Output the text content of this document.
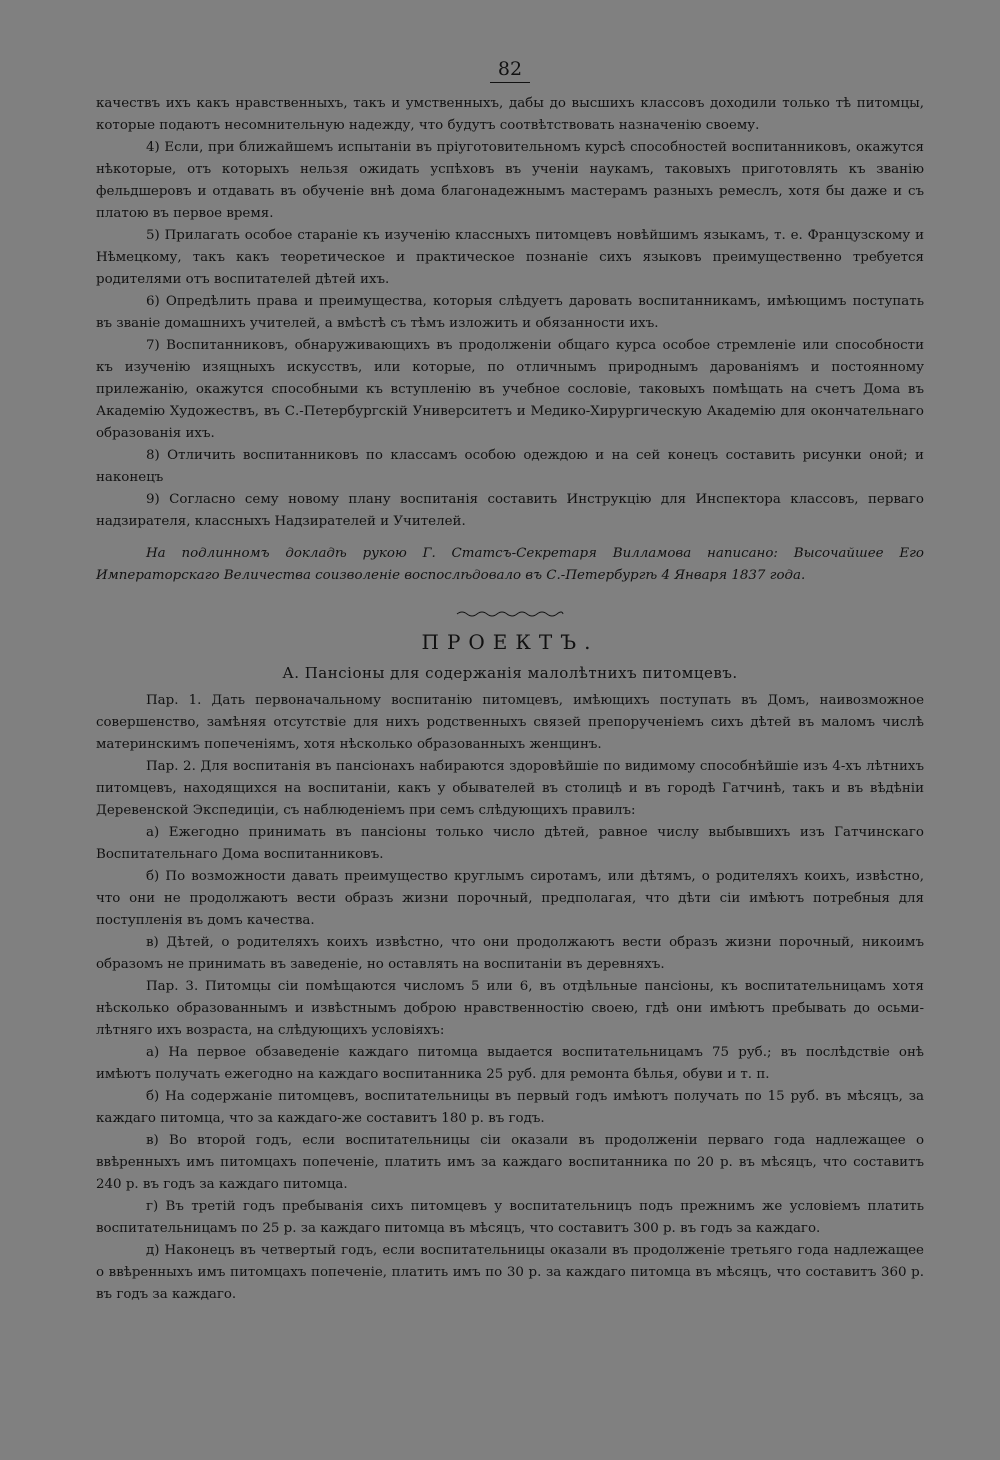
82

качествъ ихъ какъ нравственныхъ, такъ и умственныхъ, дабы до высшихъ классовъ доходили только тѣ питомцы, которые подаютъ несомнительную надежду, что будутъ соотвѣтствовать назначенію своему.

4) Если, при ближайшемъ испытаніи въ пріуготовительномъ курсѣ способностей воспитанниковъ, окажутся нѣкоторые, отъ которыхъ нельзя ожидать успѣховъ въ ученіи наукамъ, таковыхъ приготовлять къ званію фельдшеровъ и отдавать въ обученіе внѣ дома благонадежнымъ мастерамъ разныхъ ремеслъ, хотя бы даже и съ платою въ первое время.

5) Прилагать особое стараніе къ изученію классныхъ питомцевъ новѣйшимъ языкамъ, т. е. Французскому и Нѣмецкому, такъ какъ теоретическое и практическое познаніе сихъ языковъ преимущественно требуется родителями отъ воспитателей дѣтей ихъ.

6) Опредѣлить права и преимущества, которыя слѣдуетъ даровать воспитанникамъ, имѣющимъ поступать въ званіе домашнихъ учителей, а вмѣстѣ съ тѣмъ изложить и обязанности ихъ.

7) Воспитанниковъ, обнаруживающихъ въ продолженіи общаго курса особое стремленіе или способности къ изученію изящныхъ искусствъ, или которые, по отличнымъ природнымъ дарованіямъ и постоянному прилежанію, окажутся способными къ вступленію въ учебное сословіе, таковыхъ помѣщать на счетъ Дома въ Академію Художествъ, въ С.-Петербургскій Университетъ и Медико-Хирургическую Академію для окончательнаго образованія ихъ.

8) Отличить воспитанниковъ по классамъ особою одеждою и на сей конецъ составить рисунки оной; и наконецъ

9) Согласно сему новому плану воспитанія составить Инструкцію для Инспектора классовъ, перваго надзирателя, классныхъ Надзирателей и Учителей.

На подлинномъ докладѣ рукою Г. Статсъ-Секретаря Вилламова написано: Высочайшее Его Императорскаго Величества соизволеніе воспослѣдовало въ С.-Петербургѣ 4 Января 1837 года.

ПРОЕКТЪ.
А. Пансіоны для содержанія малолѣтнихъ питомцевъ.

Пар. 1. Дать первоначальному воспитанію питомцевъ, имѣющихъ поступать въ Домъ, наивозможное совершенство, замѣняя отсутствіе для нихъ родственныхъ связей препорученіемъ сихъ дѣтей въ маломъ числѣ материнскимъ попеченіямъ, хотя нѣсколько образованныхъ женщинъ.

Пар. 2. Для воспитанія въ пансіонахъ набираются здоровѣйшіе по видимому способнѣйшіе изъ 4-хъ лѣтнихъ питомцевъ, находящихся на воспитаніи, какъ у обывателей въ столицѣ и въ городѣ Гатчинѣ, такъ и въ вѣдѣніи Деревенской Экспедиціи, съ наблюденіемъ при семъ слѣдующихъ правилъ:

а) Ежегодно принимать въ пансіоны только число дѣтей, равное числу выбывшихъ изъ Гатчинскаго Воспитательнаго Дома воспитанниковъ.

б) По возможности давать преимущество круглымъ сиротамъ, или дѣтямъ, о родителяхъ коихъ, извѣстно, что они не продолжаютъ вести образъ жизни порочный, предполагая, что дѣти сіи имѣютъ потребныя для поступленія въ домъ качества.

в) Дѣтей, о родителяхъ коихъ извѣстно, что они продолжаютъ вести образъ жизни порочный, никоимъ образомъ не принимать въ заведеніе, но оставлять на воспитаніи въ деревняхъ.

Пар. 3. Питомцы сіи помѣщаются числомъ 5 или 6, въ отдѣльные пансіоны, къ воспитательницамъ хотя нѣсколько образованнымъ и извѣстнымъ доброю нравственностію своею, гдѣ они имѣютъ пребывать до осьми-лѣтняго ихъ возраста, на слѣдующихъ условіяхъ:

а) На первое обзаведеніе каждаго питомца выдается воспитательницамъ 75 руб.; въ послѣдствіе онѣ имѣютъ получать ежегодно на каждаго воспитанника 25 руб. для ремонта бѣлья, обуви и т. п.

б) На содержаніе питомцевъ, воспитательницы въ первый годъ имѣютъ получать по 15 руб. въ мѣсяцъ, за каждаго питомца, что за каждаго-же составитъ 180 р. въ годъ.

в) Во второй годъ, если воспитательницы сіи оказали въ продолженіи перваго года надлежащее о ввѣренныхъ имъ питомцахъ попеченіе, платить имъ за каждаго воспитанника по 20 р. въ мѣсяцъ, что составитъ 240 р. въ годъ за каждаго питомца.

г) Въ третій годъ пребыванія сихъ питомцевъ у воспитательницъ подъ прежнимъ же условіемъ платить воспитательницамъ по 25 р. за каждаго питомца въ мѣсяцъ, что составитъ 300 р. въ годъ за каждаго.

д) Наконецъ въ четвертый годъ, если воспитательницы оказали въ продолженіе третьяго года надлежащее о ввѣренныхъ имъ питомцахъ попеченіе, платить имъ по 30 р. за каждаго питомца въ мѣсяцъ, что составитъ 360 р. въ годъ за каждаго.
